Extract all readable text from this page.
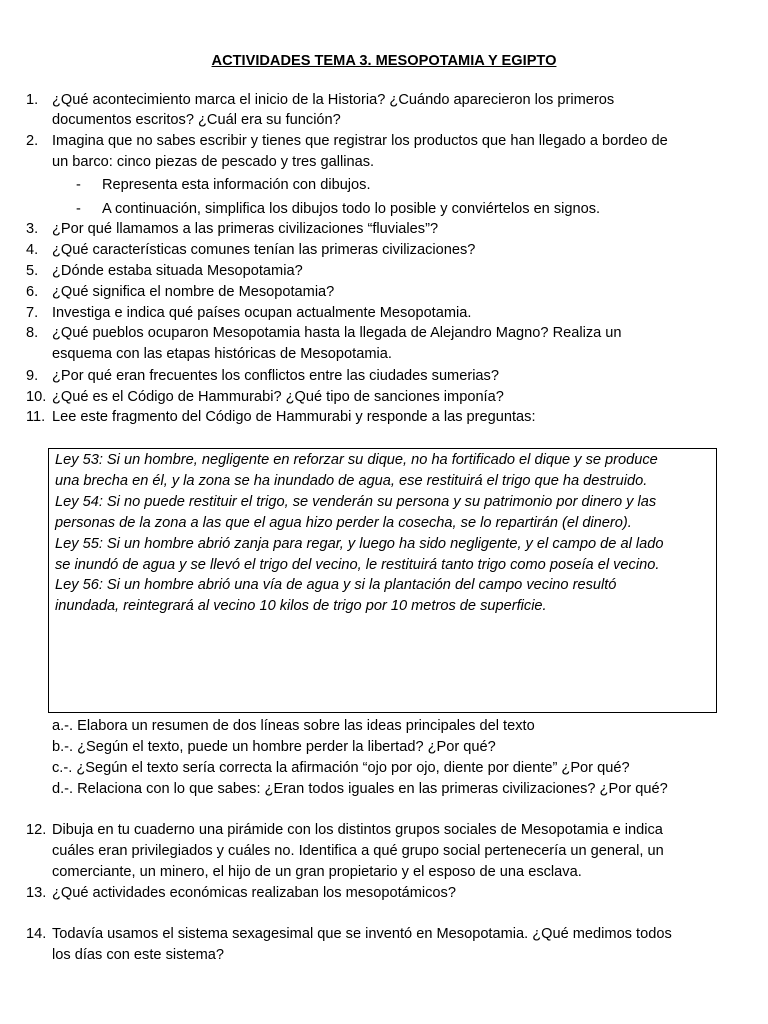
ACTIVIDADES TEMA 3. MESOPOTAMIA Y EGIPTO
1. ¿Qué acontecimiento marca el inicio de la Historia? ¿Cuándo aparecieron los primeros
documentos escritos? ¿Cuál era su función?
2. Imagina que no sabes escribir y tienes que registrar los productos que han llegado a bordeo de
un barco: cinco piezas de pescado y tres gallinas.
- Representa esta información con dibujos.
- A continuación, simplifica los dibujos todo lo posible y conviértelos en signos.
3. ¿Por qué llamamos a las primeras civilizaciones “fluviales”?
4. ¿Qué características comunes tenían las primeras civilizaciones?
5. ¿Dónde estaba situada Mesopotamia?
6. ¿Qué significa el nombre de Mesopotamia?
7. Investiga e indica qué países ocupan actualmente Mesopotamia.
8. ¿Qué pueblos ocuparon Mesopotamia hasta la llegada de Alejandro Magno? Realiza un
esquema con las etapas históricas de Mesopotamia.
9. ¿Por qué eran frecuentes los conflictos entre las ciudades sumerias?
10. ¿Qué es el Código de Hammurabi? ¿Qué tipo de sanciones imponía?
11. Lee este fragmento del Código de Hammurabi y responde a las preguntas:
Ley 53: Si un hombre, negligente en reforzar su dique, no ha fortificado el dique y se produce
una brecha en él, y la zona se ha inundado de agua, ese restituirá el trigo que ha destruido.
Ley 54: Si no puede restituir el trigo, se venderán su persona y su patrimonio por dinero y las
personas de la zona a las que el agua hizo perder la cosecha, se lo repartirán (el dinero).
Ley 55: Si un hombre abrió zanja para regar, y luego ha sido negligente, y el campo de al lado
se inundó de agua y se llevó el trigo del vecino, le restituirá tanto trigo como poseía el vecino.
Ley 56: Si un hombre abrió una vía de agua y si la plantación del campo vecino resultó
inundada, reintegrará al vecino 10 kilos de trigo por 10 metros de superficie.
a.-. Elabora un resumen de dos líneas sobre las ideas principales del texto
b.-. ¿Según el texto, puede un hombre perder la libertad? ¿Por qué?
c.-. ¿Según el texto sería correcta la afirmación “ojo por ojo, diente por diente” ¿Por qué?
d.-. Relaciona con lo que sabes: ¿Eran todos iguales en las primeras civilizaciones? ¿Por qué?
12. Dibuja en tu cuaderno una pirámide con los distintos grupos sociales de Mesopotamia e indica
cuáles eran privilegiados y cuáles no. Identifica a qué grupo social pertenecería un general, un
comerciante, un minero, el hijo de un gran propietario y el esposo de una esclava.
13. ¿Qué actividades económicas realizaban los mesopotámicos?
14. Todavía usamos el sistema sexagesimal que se inventó en Mesopotamia. ¿Qué medimos todos
los días con este sistema?
